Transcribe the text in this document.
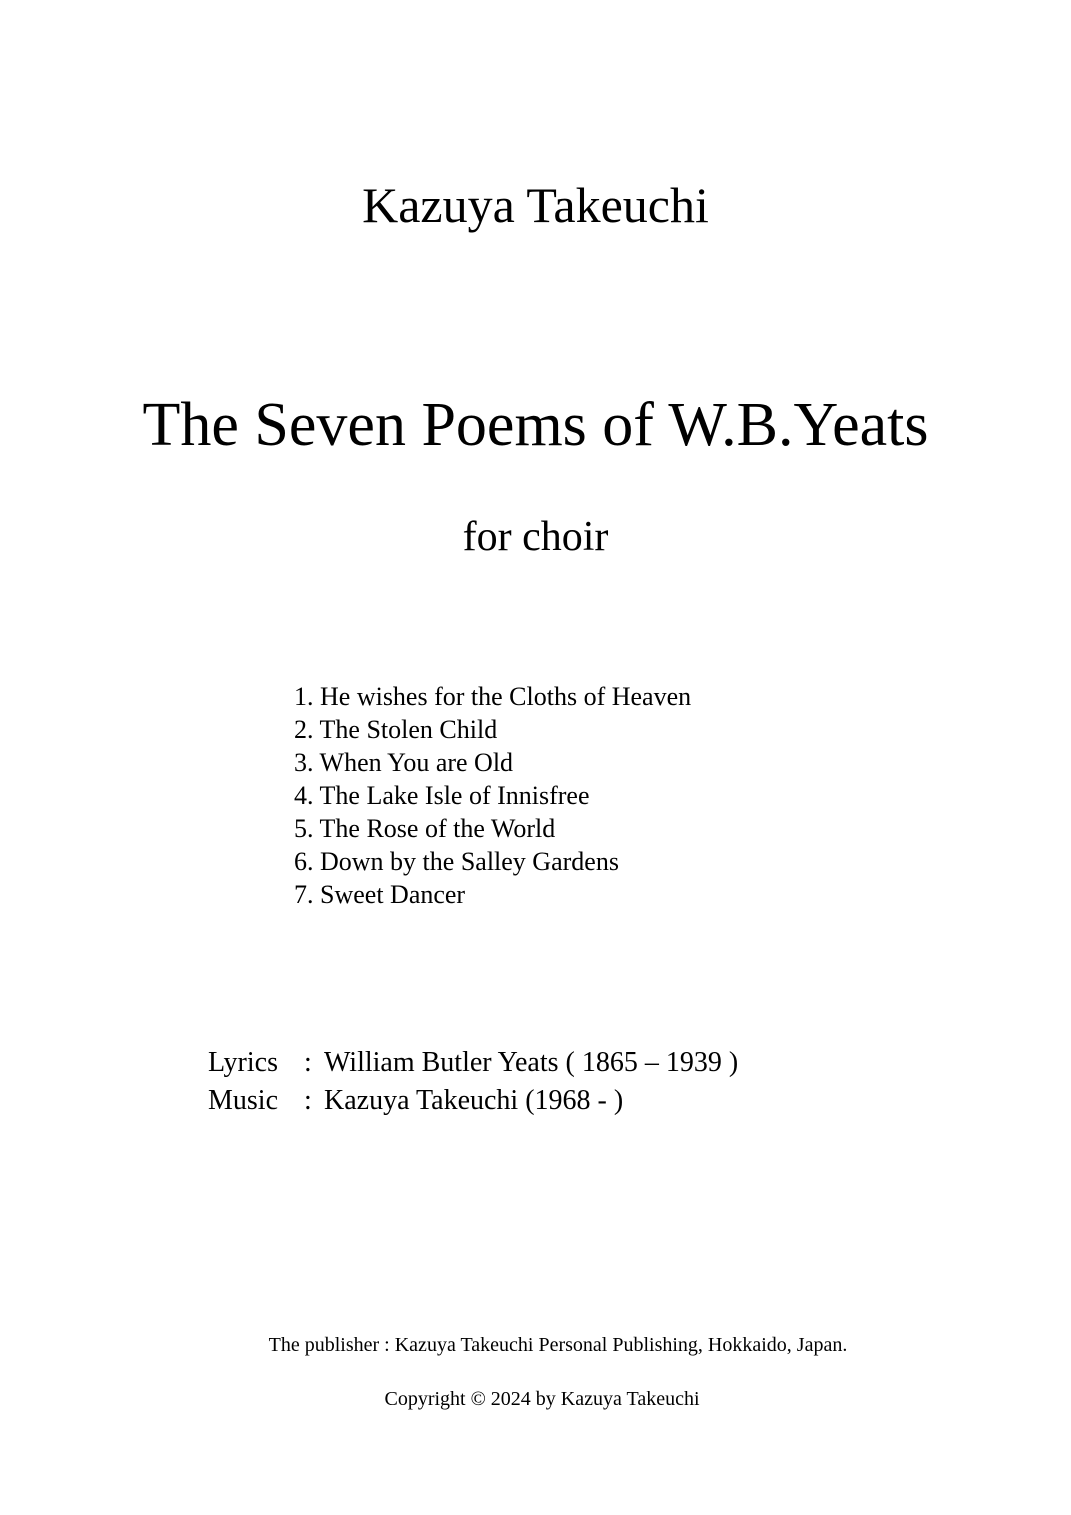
Kazuya Takeuchi
The Seven Poems of W.B.Yeats
for choir
1. He wishes for the Cloths of Heaven
2. The Stolen Child
3. When You are Old
4. The Lake Isle of Innisfree
5. The Rose of the World
6. Down by the Salley Gardens
7. Sweet Dancer
Lyrics : William Butler Yeats ( 1865 – 1939 )
Music : Kazuya Takeuchi (1968 - )
The publisher : Kazuya Takeuchi Personal Publishing, Hokkaido, Japan.
Copyright © 2024 by Kazuya Takeuchi
